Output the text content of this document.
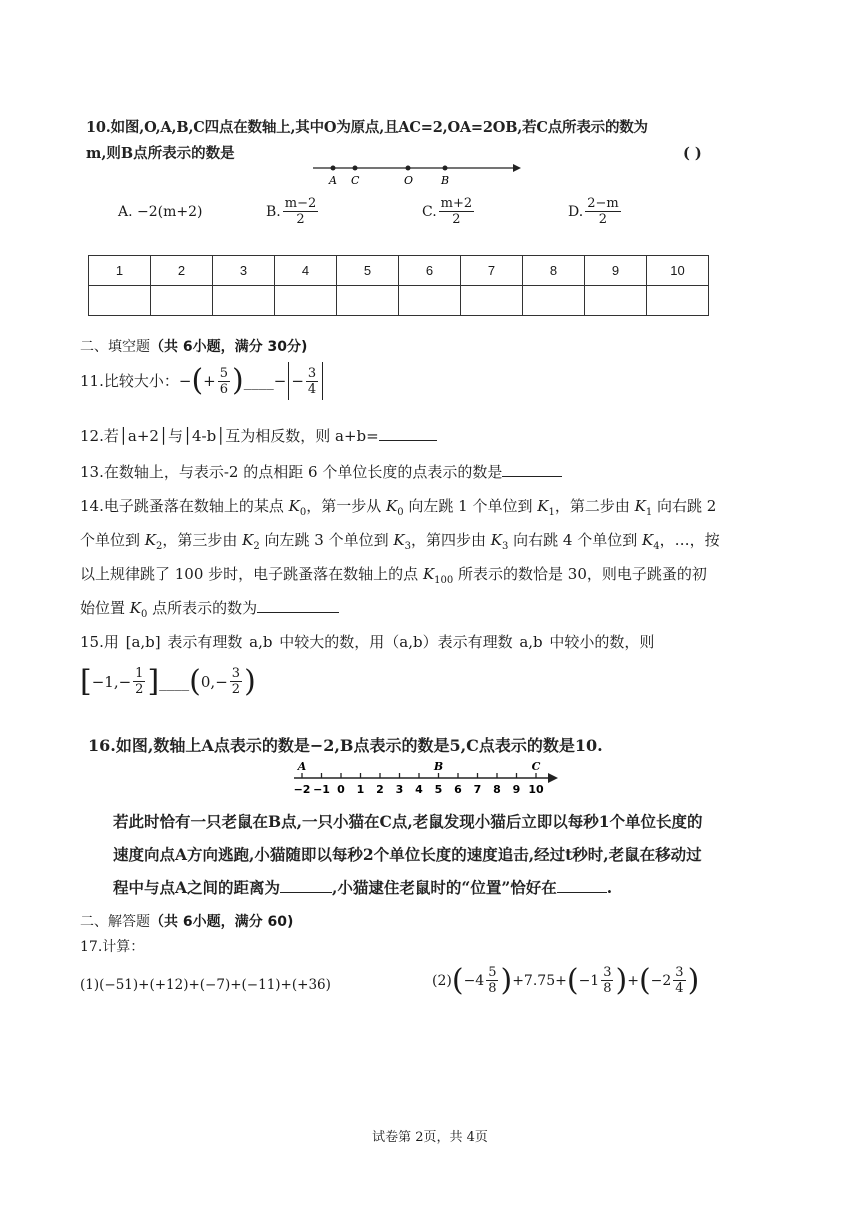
10.如图,O,A,B,C四点在数轴上,其中O为原点,且AC=2,OA=2OB,若C点所表示的数为
m,则B点所表示的数是	( )
A C	O	B
A. −2(m+2)	B. $\frac{m-2}{2}$	C. $\frac{m+2}{2}$	D. $\frac{2-m}{2}$
1	2	3	4	5	6	7	8	9	10

二、填空题（共 6小题，满分 30分)
11.比较大小： − ( + $\frac{5}{6}$ ) ____ − − $\frac{3}{4}$
12.若│a+2│与│4-b│互为相反数，则 a+b=
13.在数轴上，与表示-2 的点相距 6 个单位长度的点表示的数是
14.电子跳蚤落在数轴上的某点 $K_0$，第一步从 $K_0$ 向左跳 1 个单位到 $K_1$，第二步由 $K_1$ 向右跳 2
个单位到 $K_2$，第三步由 $K_2$ 向左跳 3 个单位到 $K_3$，第四步由 $K_3$ 向右跳 4 个单位到 $K_4$，…，按
以上规律跳了 100 步时，电子跳蚤落在数轴上的点 $K_{100}$ 所表示的数恰是 30，则电子跳蚤的初
始位置 $K_0$ 点所表示的数为
15.用 [a,b] 表示有理数 a,b 中较大的数，用（a,b）表示有理数 a,b 中较小的数，则
[ $-1,- \frac{1}{2}$ ] ____ ( $0,- \frac{3}{2}$ )
16.如图,数轴上A点表示的数是−2,B点表示的数是5,C点表示的数是10.
−2 −1 0 1 2 3 4 5 6 7 8 9 10
A	B	C
若此时恰有一只老鼠在B点,一只小猫在C点,老鼠发现小猫后立即以每秒1个单位长度的
速度向点A方向逃跑,小猫随即以每秒2个单位长度的速度追击,经过t秒时,老鼠在移动过
程中与点A之间的距离为	,小猫逮住老鼠时的“位置”恰好在	.
二、解答题（共 6小题，满分 60)
17.计算：
(1)(−51)+(+12)+(−7)+(−11)+(+36)	(2) ( $-4 \frac{5}{8}$ ) +7.75+ ( $-1 \frac{3}{8}$ ) + ( $-2 \frac{3}{4}$ )
试卷第 2页，共 4页
